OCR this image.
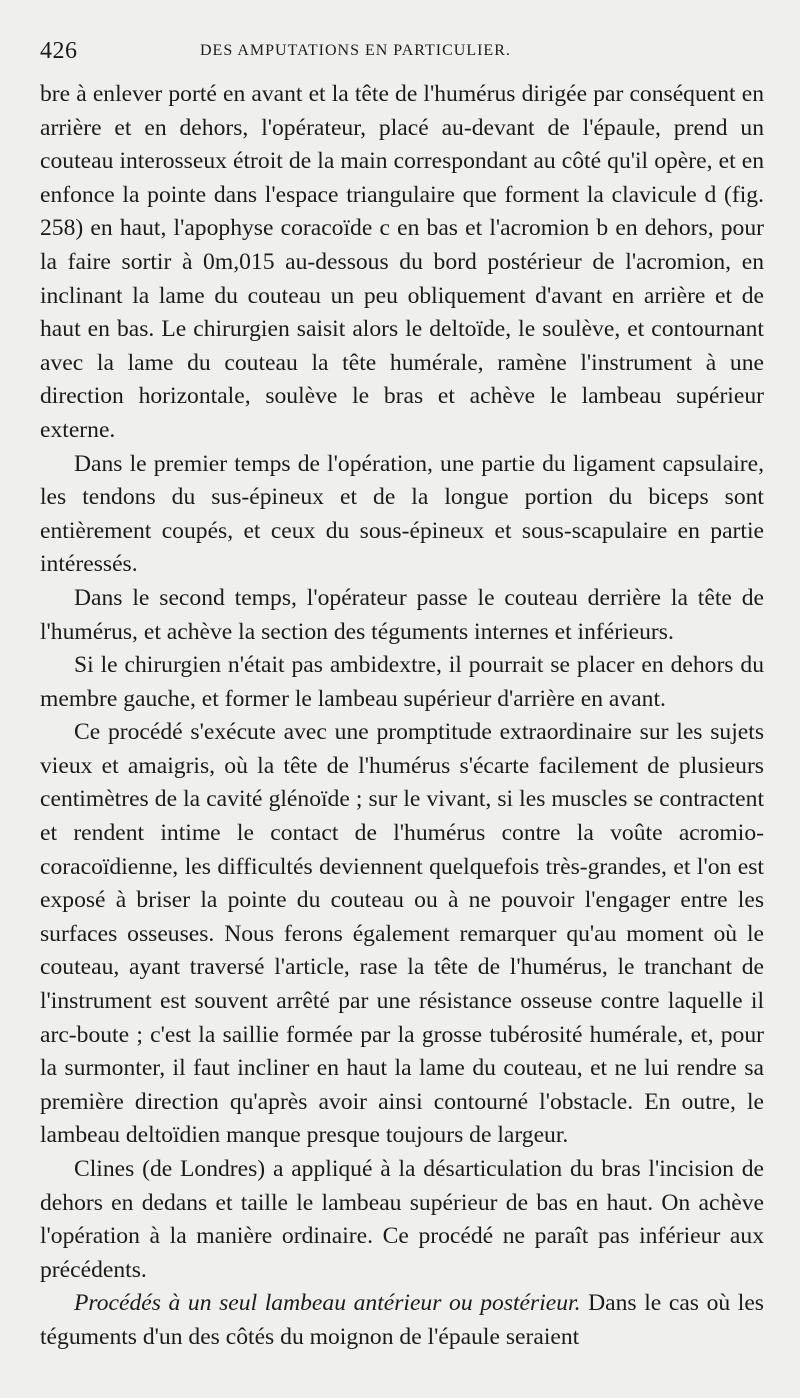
426	DES AMPUTATIONS EN PARTICULIER.

bre à enlever porté en avant et la tête de l'humérus dirigée par conséquent en arrière et en dehors, l'opérateur, placé au-devant de l'épaule, prend un couteau interosseux étroit de la main correspondant au côté qu'il opère, et en enfonce la pointe dans l'espace triangulaire que forment la clavicule d (fig. 258) en haut, l'apophyse coracoïde c en bas et l'acromion b en dehors, pour la faire sortir à 0m,015 au-dessous du bord postérieur de l'acromion, en inclinant la lame du couteau un peu obliquement d'avant en arrière et de haut en bas. Le chirurgien saisit alors le deltoïde, le soulève, et contournant avec la lame du couteau la tête humérale, ramène l'instrument à une direction horizontale, soulève le bras et achève le lambeau supérieur externe.

Dans le premier temps de l'opération, une partie du ligament capsulaire, les tendons du sus-épineux et de la longue portion du biceps sont entièrement coupés, et ceux du sous-épineux et sous-scapulaire en partie intéressés.

Dans le second temps, l'opérateur passe le couteau derrière la tête de l'humérus, et achève la section des téguments internes et inférieurs.

Si le chirurgien n'était pas ambidextre, il pourrait se placer en dehors du membre gauche, et former le lambeau supérieur d'arrière en avant.

Ce procédé s'exécute avec une promptitude extraordinaire sur les sujets vieux et amaigris, où la tête de l'humérus s'écarte facilement de plusieurs centimètres de la cavité glénoïde ; sur le vivant, si les muscles se contractent et rendent intime le contact de l'humérus contre la voûte acromio-coracoïdienne, les difficultés deviennent quelquefois très-grandes, et l'on est exposé à briser la pointe du couteau ou à ne pouvoir l'engager entre les surfaces osseuses. Nous ferons également remarquer qu'au moment où le couteau, ayant traversé l'article, rase la tête de l'humérus, le tranchant de l'instrument est souvent arrêté par une résistance osseuse contre laquelle il arc-boute ; c'est la saillie formée par la grosse tubérosité humérale, et, pour la surmonter, il faut incliner en haut la lame du couteau, et ne lui rendre sa première direction qu'après avoir ainsi contourné l'obstacle. En outre, le lambeau deltoïdien manque presque toujours de largeur.

Clines (de Londres) a appliqué à la désarticulation du bras l'incision de dehors en dedans et taille le lambeau supérieur de bas en haut. On achève l'opération à la manière ordinaire. Ce procédé ne paraît pas inférieur aux précédents.

Procédés à un seul lambeau antérieur ou postérieur. Dans le cas où les téguments d'un des côtés du moignon de l'épaule seraient
